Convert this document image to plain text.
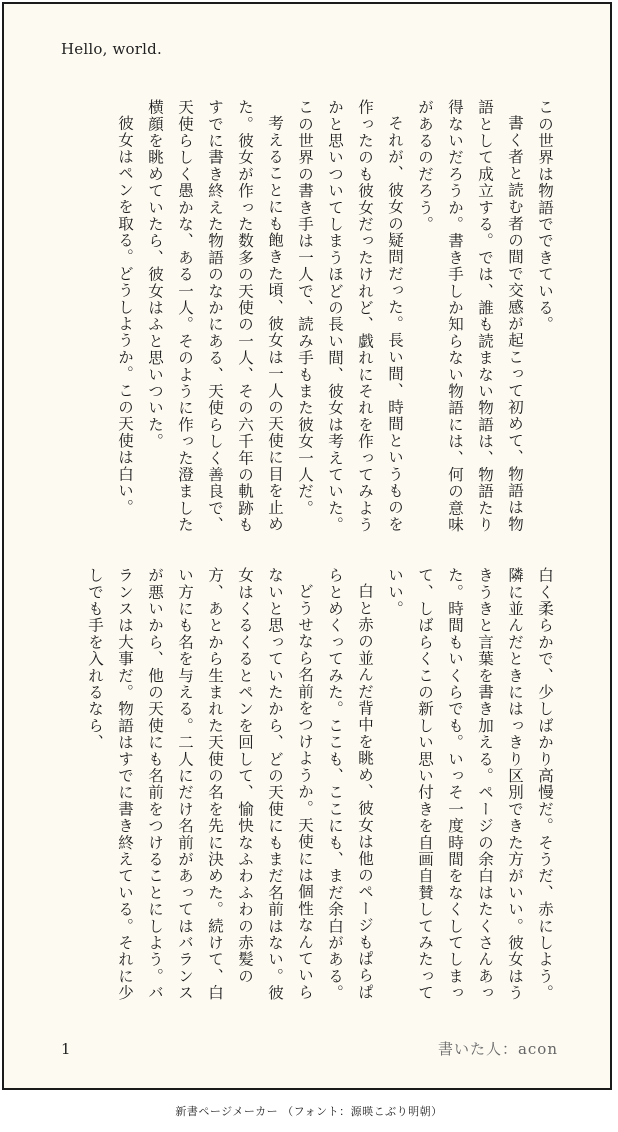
Hello, world.

この世界は物語でできている。

書く者と読む者の間で交感が起こって初めて、物語は物語として成立する。では、誰も読まない物語は、物語たり得ないだろうか。書き手しか知らない物語には、何の意味があるのだろう。

それが、彼女の疑問だった。長い間、時間というものを作ったのも彼女だったけれど、戯れにそれを作ってみようかと思いついてしまうほどの長い間、彼女は考えていた。この世界の書き手は一人で、読み手もまた彼女一人だ。

考えることにも飽きた頃、彼女は一人の天使に目を止めた。彼女が作った数多の天使の一人、その六千年の軌跡もすでに書き終えた物語のなかにある、天使らしく善良で、天使らしく愚かな、ある一人。そのように作った澄ました横顔を眺めていたら、彼女はふと思いついた。

彼女はペンを取る。どうしようか。この天使は白い。

白く柔らかで、少しばかり高慢だ。そうだ、赤にしよう。隣に並んだときにはっきり区別できた方がいい。彼女はうきうきと言葉を書き加える。ページの余白はたくさんあった。時間もいくらでも。いっそ一度時間をなくしてしまって、しばらくこの新しい思い付きを自画自賛してみたっていい。

白と赤の並んだ背中を眺め、彼女は他のページもぱらぱらとめくってみた。ここも、ここにも、まだ余白がある。

どうせなら名前をつけようか。天使には個性なんていらないと思っていたから、どの天使にもまだ名前はない。彼女はくるくるとペンを回して、愉快なふわふわの赤髪の方、あとから生まれた天使の名を先に決めた。続けて、白い方にも名を与える。二人にだけ名前があってはバランスが悪いから、他の天使にも名前をつけることにしよう。バランスは大事だ。物語はすでに書き終えている。それに少しでも手を入れるなら、

1	書いた人：acon
新書ページメーカー （フォント：源暎こぶり明朝）
